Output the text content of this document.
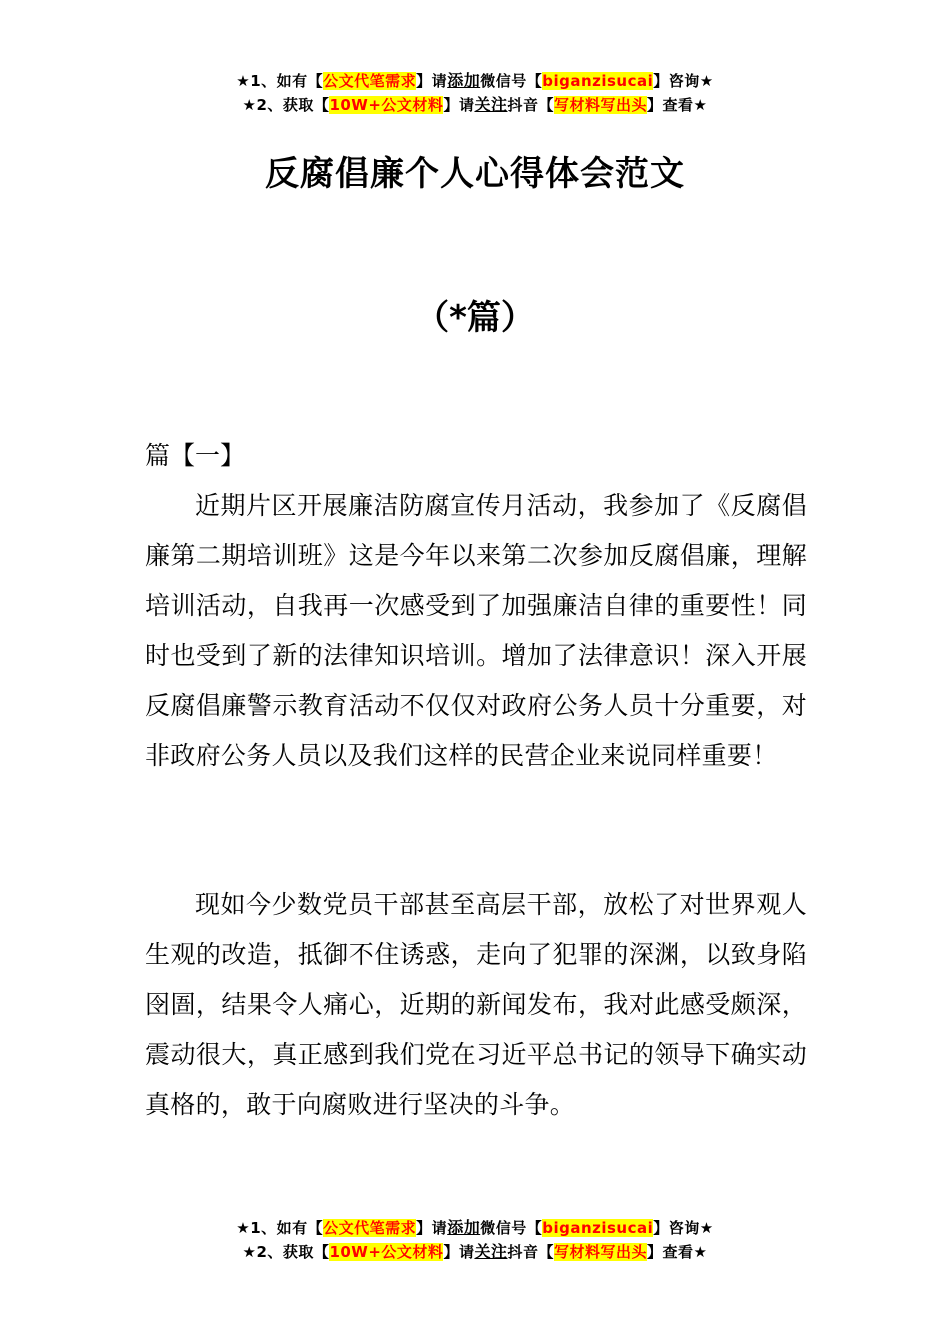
★1、如有【公文代笔需求】请添加微信号【biganzisucai】咨询★
★2、获取【10W+公文材料】请关注抖音【写材料写出头】查看★
反腐倡廉个人心得体会范文
（*篇）
篇【一】

近期片区开展廉洁防腐宣传月活动，我参加了《反腐倡廉第二期培训班》这是今年以来第二次参加反腐倡廉，理解培训活动，自我再一次感受到了加强廉洁自律的重要性！同时也受到了新的法律知识培训。增加了法律意识！深入开展反腐倡廉警示教育活动不仅仅对政府公务人员十分重要，对非政府公务人员以及我们这样的民营企业来说同样重要！

现如今少数党员干部甚至高层干部，放松了对世界观人生观的改造，抵御不住诱惑，走向了犯罪的深渊，以致身陷囹圄，结果令人痛心，近期的新闻发布，我对此感受颇深，震动很大，真正感到我们党在习近平总书记的领导下确实动真格的，敢于向腐败进行坚决的斗争。

★1、如有【公文代笔需求】请添加微信号【biganzisucai】咨询★
★2、获取【10W+公文材料】请关注抖音【写材料写出头】查看★
